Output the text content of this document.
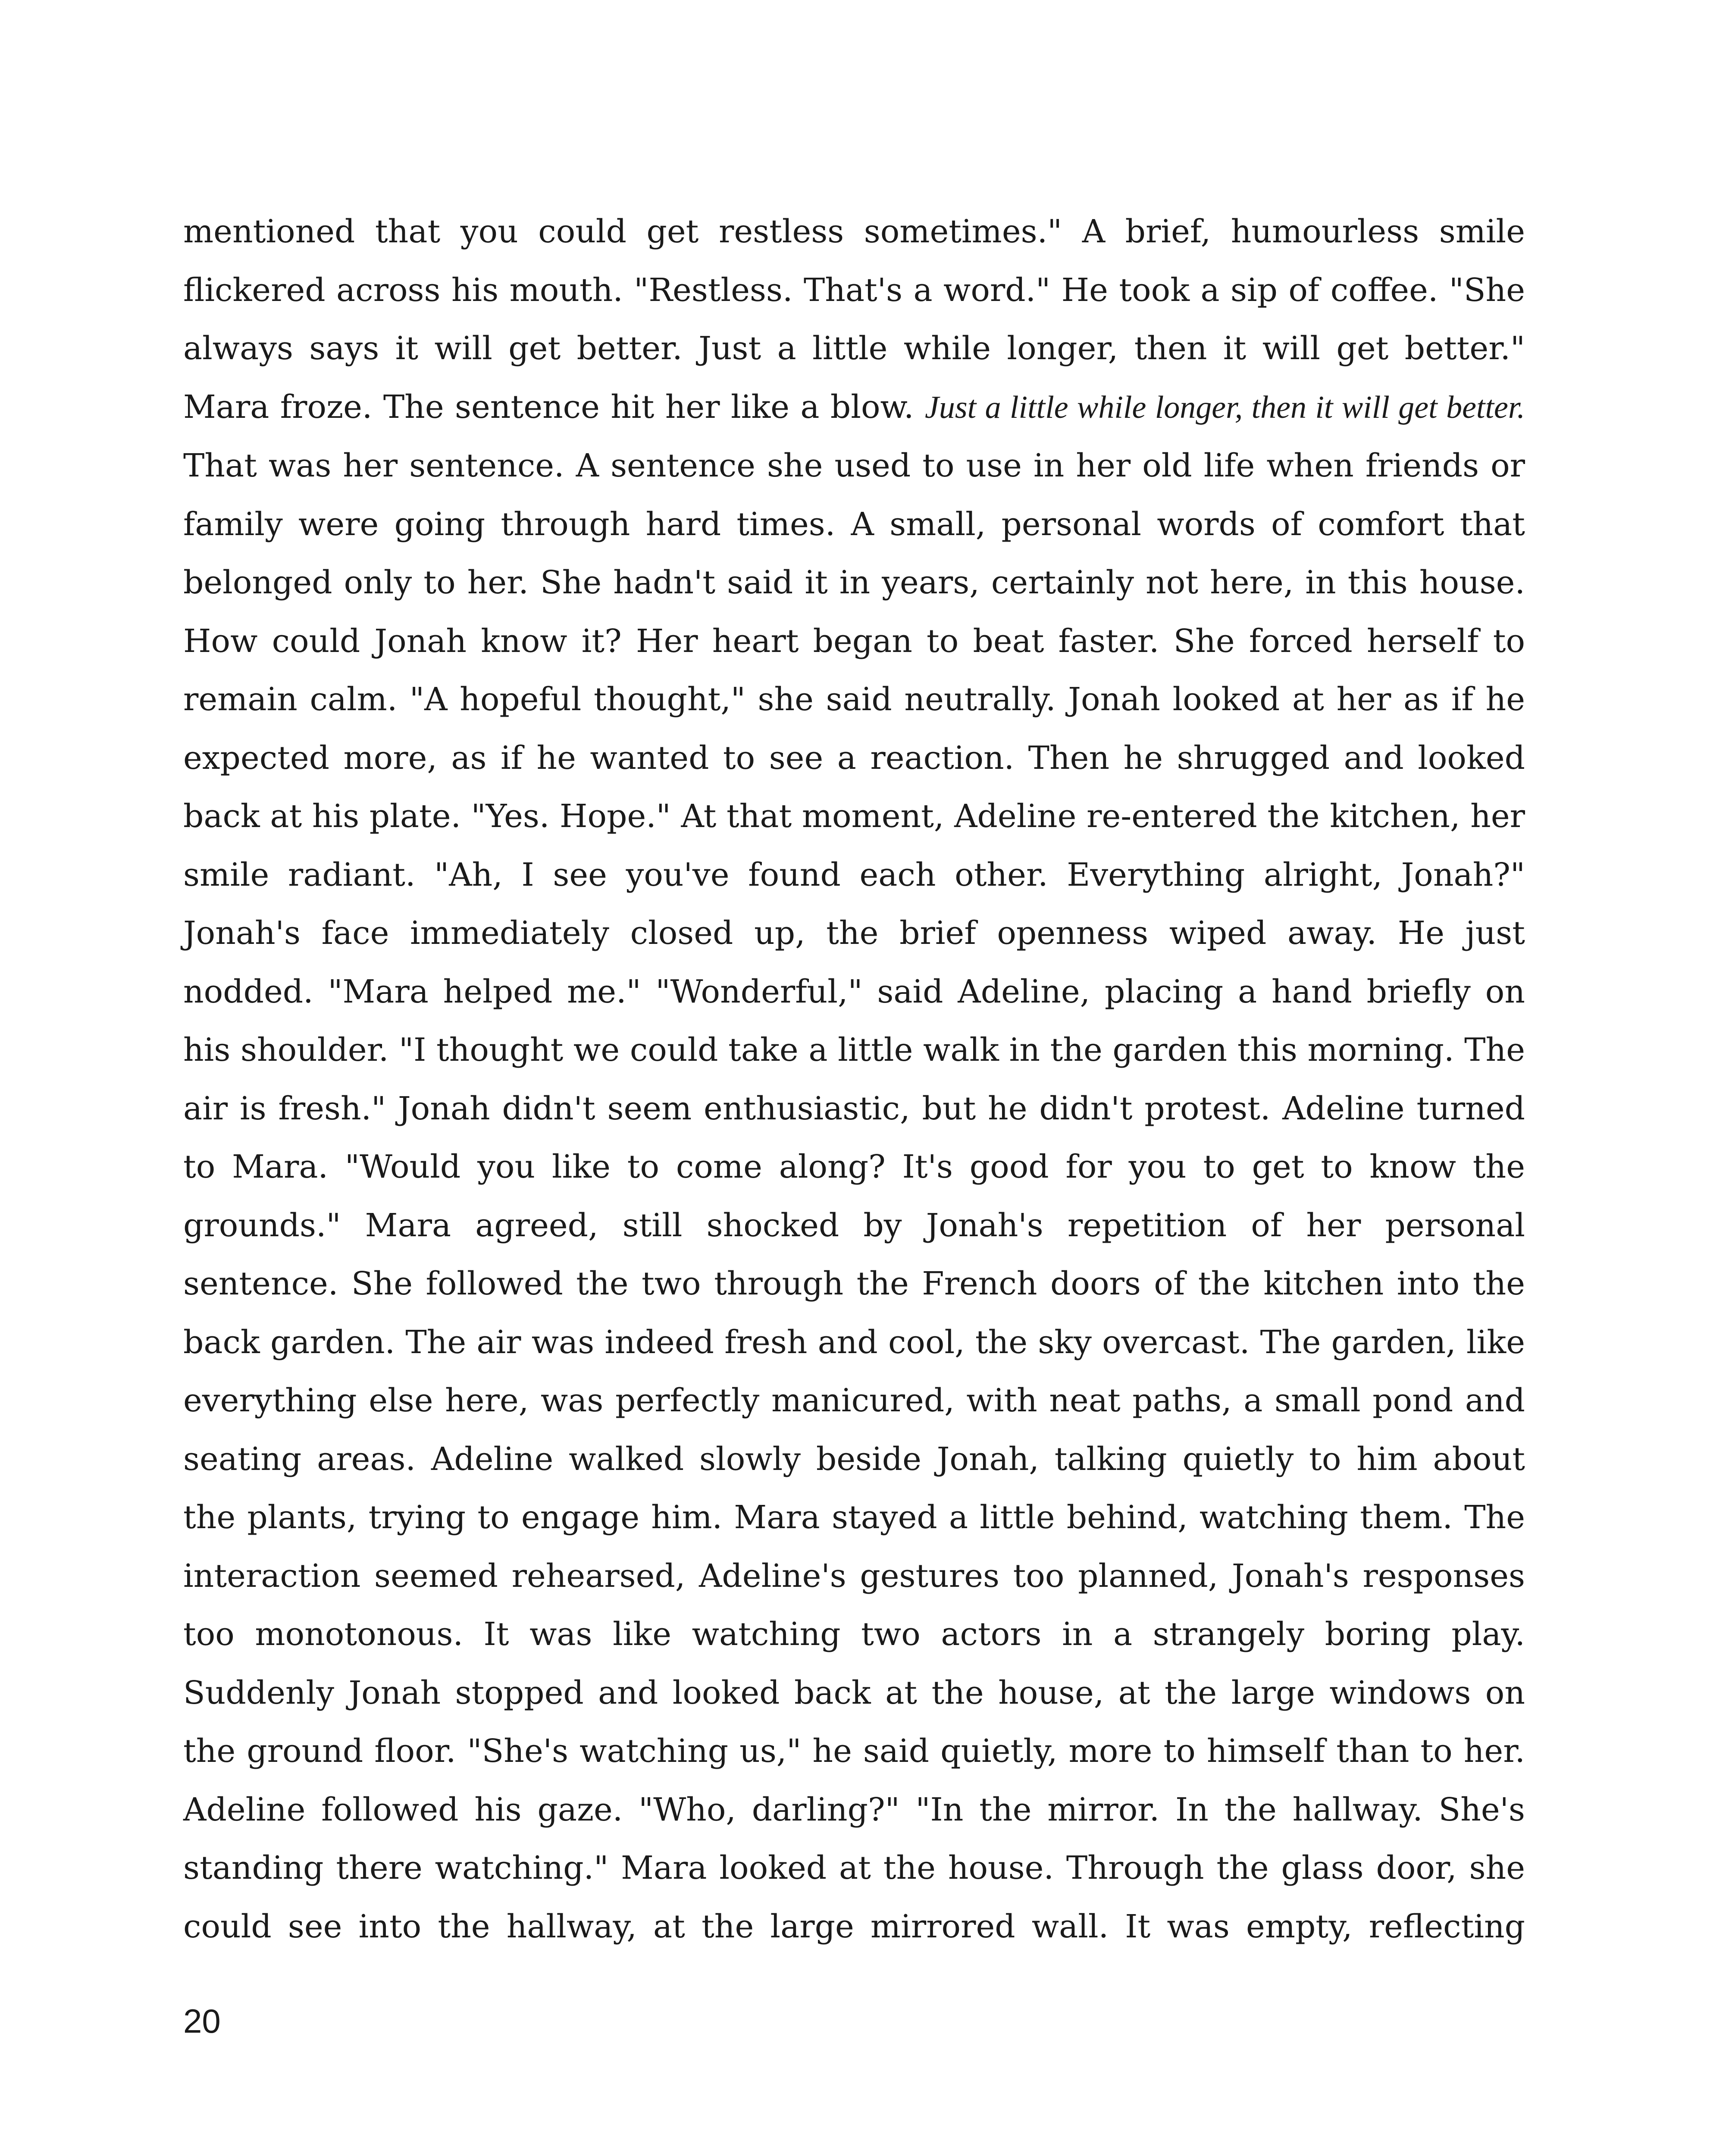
mentioned that you could get restless sometimes." A brief, humourless smile flickered across his mouth. "Restless. That's a word." He took a sip of coffee. "She always says it will get better. Just a little while longer, then it will get better." Mara froze. The sentence hit her like a blow. Just a little while longer, then it will get better. That was her sentence. A sentence she used to use in her old life when friends or family were going through hard times. A small, personal words of comfort that belonged only to her. She hadn't said it in years, certainly not here, in this house. How could Jonah know it? Her heart began to beat faster. She forced herself to remain calm. "A hopeful thought," she said neutrally. Jonah looked at her as if he expected more, as if he wanted to see a reaction. Then he shrugged and looked back at his plate. "Yes. Hope." At that moment, Adeline re-entered the kitchen, her smile radiant. "Ah, I see you've found each other. Everything alright, Jonah?" Jonah's face immediately closed up, the brief openness wiped away. He just nodded. "Mara helped me." "Wonderful," said Adeline, placing a hand briefly on his shoulder. "I thought we could take a little walk in the garden this morning. The air is fresh." Jonah didn't seem enthusiastic, but he didn't protest. Adeline turned to Mara. "Would you like to come along? It's good for you to get to know the grounds." Mara agreed, still shocked by Jonah's repetition of her personal sentence. She followed the two through the French doors of the kitchen into the back garden. The air was indeed fresh and cool, the sky overcast. The garden, like everything else here, was perfectly manicured, with neat paths, a small pond and seating areas. Adeline walked slowly beside Jonah, talking quietly to him about the plants, trying to engage him. Mara stayed a little behind, watching them. The interaction seemed rehearsed, Adeline's gestures too planned, Jonah's responses too monotonous. It was like watching two actors in a strangely boring play. Suddenly Jonah stopped and looked back at the house, at the large windows on the ground floor. "She's watching us," he said quietly, more to himself than to her. Adeline followed his gaze. "Who, darling?" "In the mirror. In the hallway. She's standing there watching." Mara looked at the house. Through the glass door, she could see into the hallway, at the large mirrored wall. It was empty, reflecting

20
